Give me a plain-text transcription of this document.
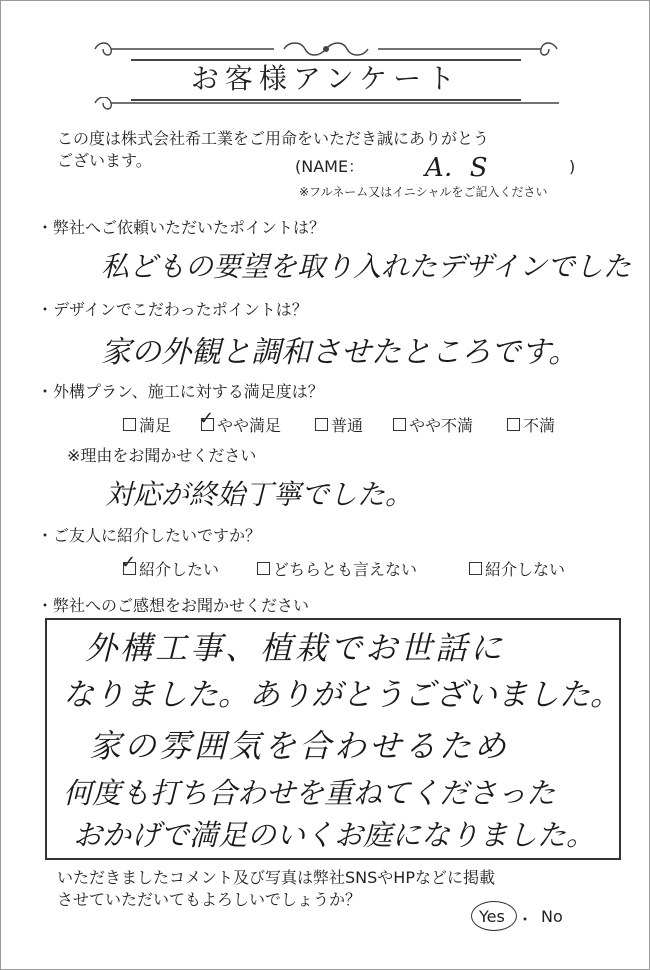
お客様アンケート
この度は株式会社希工業をご用命をいただき誠にありがとう
ございます。	(NAME： A．S	)
※フルネーム又はイニシャルをご記入ください
・弊社へご依頼いただいたポイントは？
私どもの要望を取り入れたデザインでした
・デザインでこだわったポイントは？
家の外観と調和させたところです。
・外構プラン、施工に対する満足度は？
満足 ✓ やや満足	普通	やや不満	不満
※理由をお聞かせください
対応が終始丁寧でした。
・ご友人に紹介したいですか？
✓ 紹介したい	どちらとも言えない	紹介しない
・弊社へのご感想をお聞かせください
外構工事、植栽でお世話に
なりました。ありがとうございました。
家の雰囲気を合わせるため
何度も打ち合わせを重ねてくださった
おかげで満足のいくお庭になりました。
いただきましたコメント及び写真は弊社SNSやHPなどに掲載
させていただいてもよろしいでしょうか？
Yes ・ No
